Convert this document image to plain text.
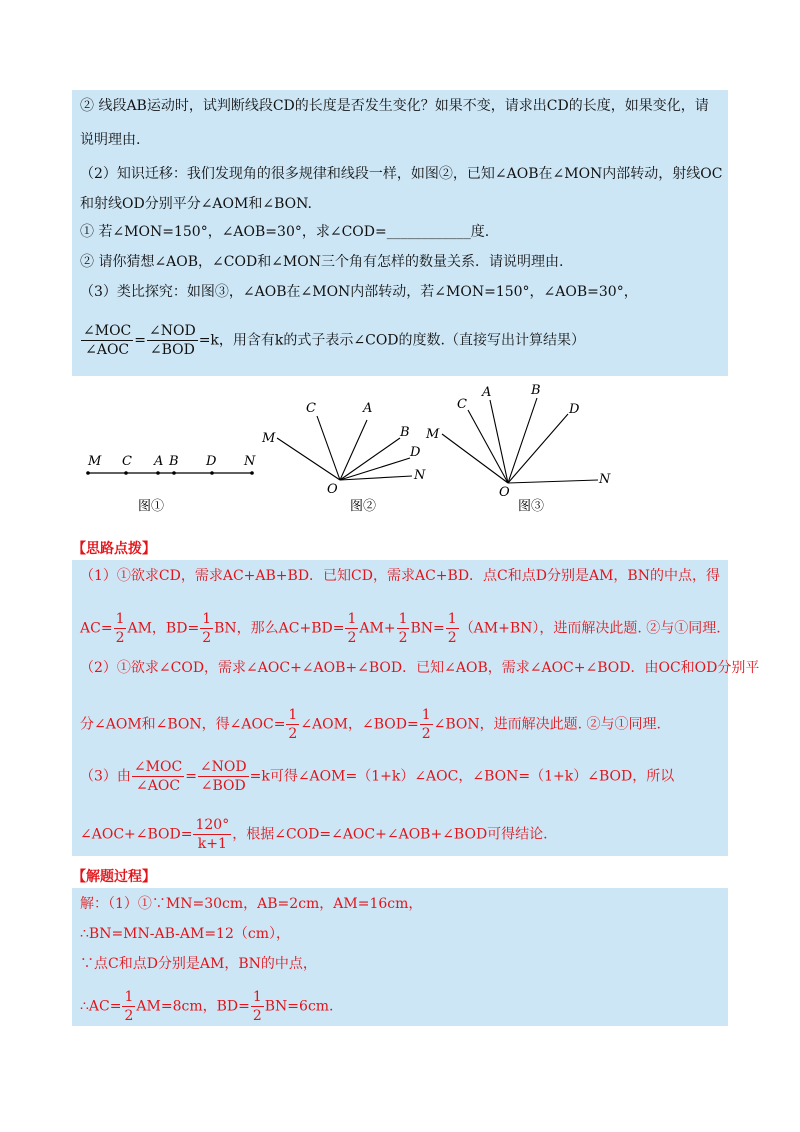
② 线段AB运动时，试判断线段CD的长度是否发生变化？如果不变，请求出CD的长度，如果变化，请
说明理由.
（2）知识迁移：我们发现角的很多规律和线段一样，如图②，已知∠AOB在∠MON内部转动，射线OC
和射线OD分别平分∠AOM和∠BON.
① 若∠MON=150°，∠AOB=30°，求∠COD=____________度.
② 请你猜想∠AOB，∠COD和∠MON三个角有怎样的数量关系．请说明理由.
（3）类比探究：如图③，∠AOB在∠MON内部转动，若∠MON=150°，∠AOB=30°，
$\frac{\text{∠MOC}}{\text{∠AOC}} = \frac{\text{∠NOD}}{\text{∠BOD}} =k$，用含有k的式子表示∠COD的度数.（直接写出计算结果）
M C A B D N
图①
C	A
M	B
D
N
O
图②
C
A	B
D
M
N
O
图③
【思路点拨】
（1）①欲求CD，需求AC+AB+BD．已知CD，需求AC+BD．点C和点D分别是AM，BN的中点，得
$AC= \frac{1}{2}$ AM，$BD= \frac{1}{2}$ BN，那么$AC+BD= \frac{1}{2} AM+ \frac{1}{2} BN= \frac{1}{2} (AM+BN)$，进而解决此题. ②与①同理.
（2）①欲求∠COD，需求∠AOC+∠AOB+∠BOD．已知∠AOB，需求∠AOC+∠BOD．由OC和OD分别平
分∠AOM和∠BON，得∠AOC= $\frac{1}{2}$ ∠AOM，∠BOD= $\frac{1}{2}$ ∠BON，进而解决此题. ②与①同理.
（3）由 $\frac{\text{∠MOC}}{\text{∠AOC}} = \frac{\text{∠NOD}}{\text{∠BOD}} =k$可得∠AOM=（1+k）∠AOC，∠BON=（1+k）∠BOD，所以
∠AOC+∠BOD= $\frac{120^\circ}{k+1}$ ，根据∠COD=∠AOC+∠AOB+∠BOD可得结论.
【解题过程】
解：（1）①∵MN=30cm，AB=2cm，AM=16cm，
∴BN=MN-AB-AM=12（cm），
∵点C和点D分别是AM，BN的中点，
∴AC= $\frac{1}{2} AM=8cm$，$BD= \frac{1}{2} BN=6cm$.
